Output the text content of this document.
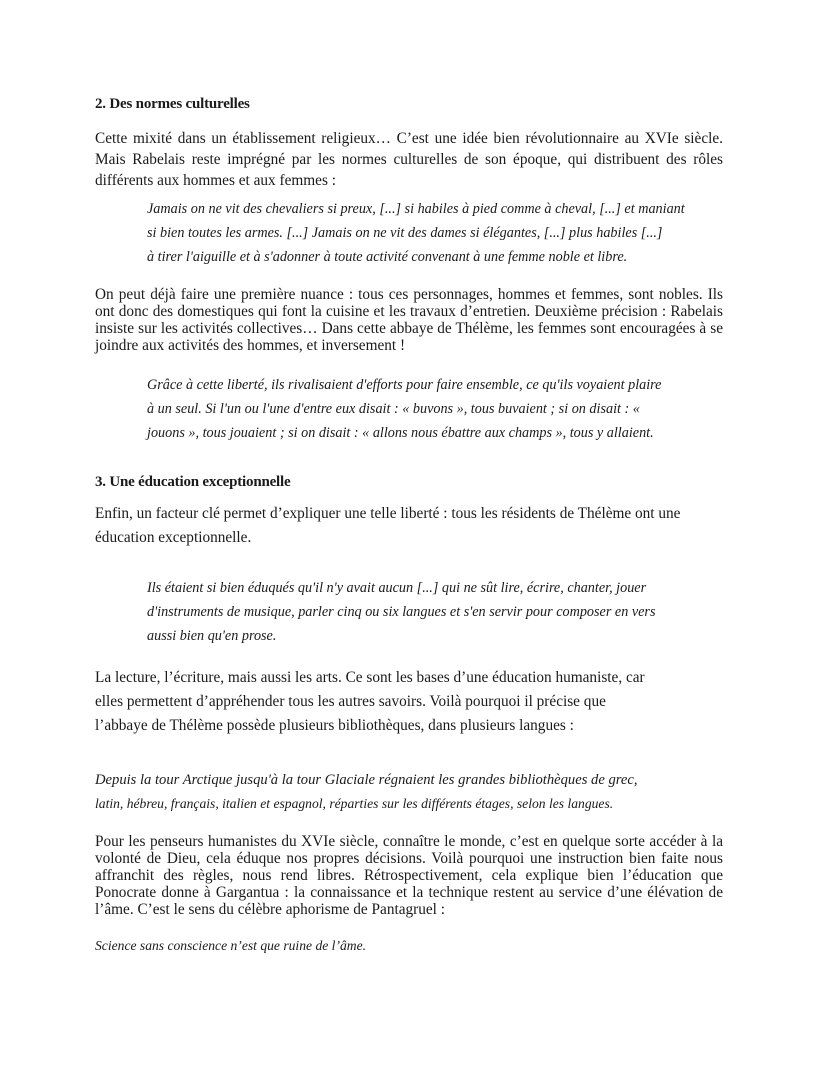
2. Des normes culturelles

Cette mixité dans un établissement religieux… C’est une idée bien révolutionnaire au XVIe siècle. Mais Rabelais reste imprégné par les normes culturelles de son époque, qui distribuent des rôles différents aux hommes et aux femmes :

Jamais on ne vit des chevaliers si preux, [...] si habiles à pied comme à cheval, [...] et maniant
si bien toutes les armes. [...] Jamais on ne vit des dames si élégantes, [...] plus habiles [...]
à tirer l'aiguille et à s'adonner à toute activité convenant à une femme noble et libre.

On peut déjà faire une première nuance : tous ces personnages, hommes et femmes, sont nobles. Ils ont donc des domestiques qui font la cuisine et les travaux d’entretien. Deuxième précision : Rabelais insiste sur les activités collectives… Dans cette abbaye de Thélème, les femmes sont encouragées à se joindre aux activités des hommes, et inversement !

Grâce à cette liberté, ils rivalisaient d'efforts pour faire ensemble, ce qu'ils voyaient plaire
à un seul. Si l'un ou l'une d'entre eux disait : « buvons », tous buvaient ; si on disait : «
jouons », tous jouaient ; si on disait : « allons nous ébattre aux champs », tous y allaient.
3. Une éducation exceptionnelle
Enfin, un facteur clé permet d’expliquer une telle liberté : tous les résidents de Thélème ont une
éducation exceptionnelle.
Ils étaient si bien éduqués qu'il n'y avait aucun [...] qui ne sût lire, écrire, chanter, jouer
d'instruments de musique, parler cinq ou six langues et s'en servir pour composer en vers
aussi bien qu'en prose.
La lecture, l’écriture, mais aussi les arts. Ce sont les bases d’une éducation humaniste, car
elles permettent d’appréhender tous les autres savoirs. Voilà pourquoi il précise que
l’abbaye de Thélème possède plusieurs bibliothèques, dans plusieurs langues :
Depuis la tour Arctique jusqu'à la tour Glaciale régnaient les grandes bibliothèques de grec,
latin, hébreu, français, italien et espagnol, réparties sur les différents étages, selon les langues.

Pour les penseurs humanistes du XVIe siècle, connaître le monde, c’est en quelque sorte accéder à la volonté de Dieu, cela éduque nos propres décisions. Voilà pourquoi une instruction bien faite nous affranchit des règles, nous rend libres. Rétrospectivement, cela explique bien l’éducation que Ponocrate donne à Gargantua : la connaissance et la technique restent au service d’une élévation de l’âme. C’est le sens du célèbre aphorisme de Pantagruel :

Science sans conscience n’est que ruine de l’âme.
